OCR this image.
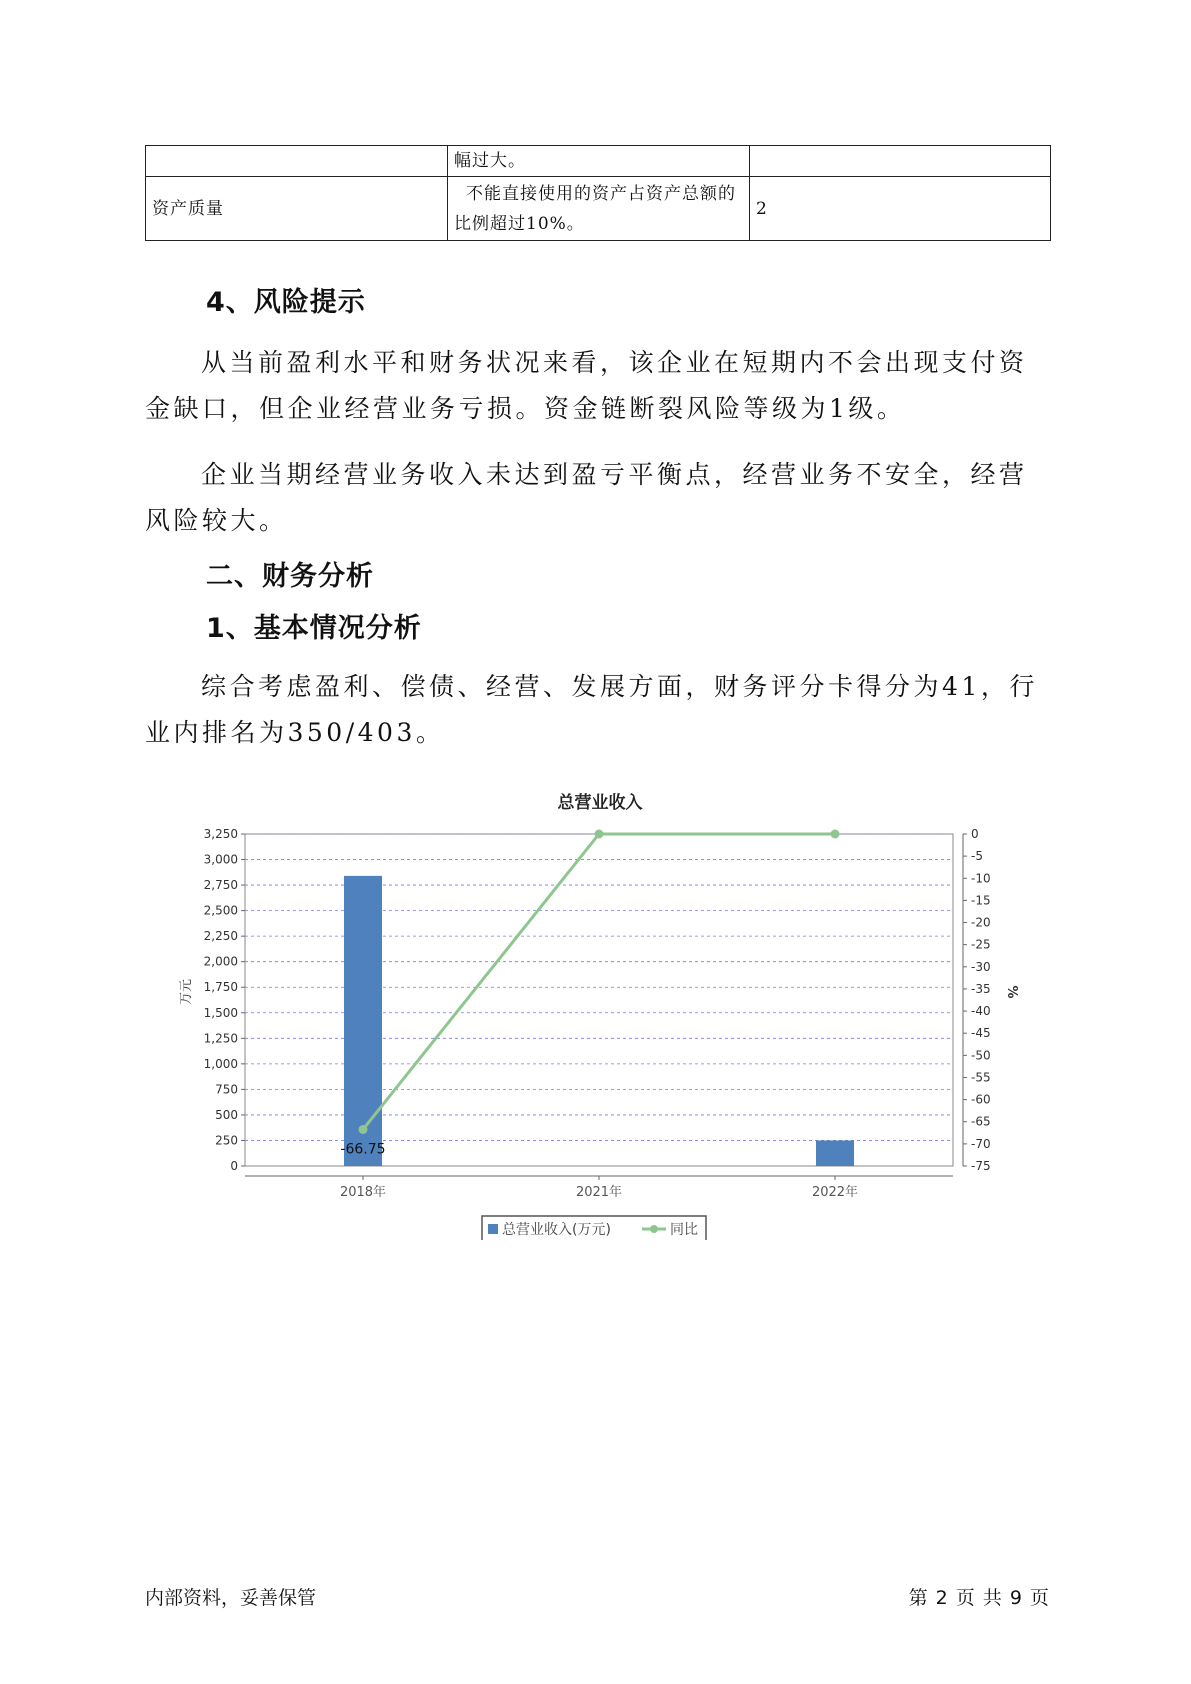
	幅过大。	
资产质量	不能直接使用的资产占资产总额的比例超过10%。	2
4、风险提示

从当前盈利水平和财务状况来看，该企业在短期内不会出现支付资金缺口，但企业经营业务亏损。资金链断裂风险等级为1级。

企业当期经营业务收入未达到盈亏平衡点，经营业务不安全，经营风险较大。

二、财务分析
1、基本情况分析

综合考虑盈利、偿债、经营、发展方面，财务评分卡得分为41，行业内排名为350/403。

总营业收入
-66.75
0
250
500
750
1,000
1,250
1,500
1,750
2,000
2,250
2,500
2,750
3,000
3,250	0
-5
-10
-15
-20
-25
-30
-35
-40
-45
-50
-55
-60
-65
-70
-75
2018年	2021年	2022年
万元	%
总营业收入(万元)	同比
内部资料，妥善保管	第 2 页 共 9 页
